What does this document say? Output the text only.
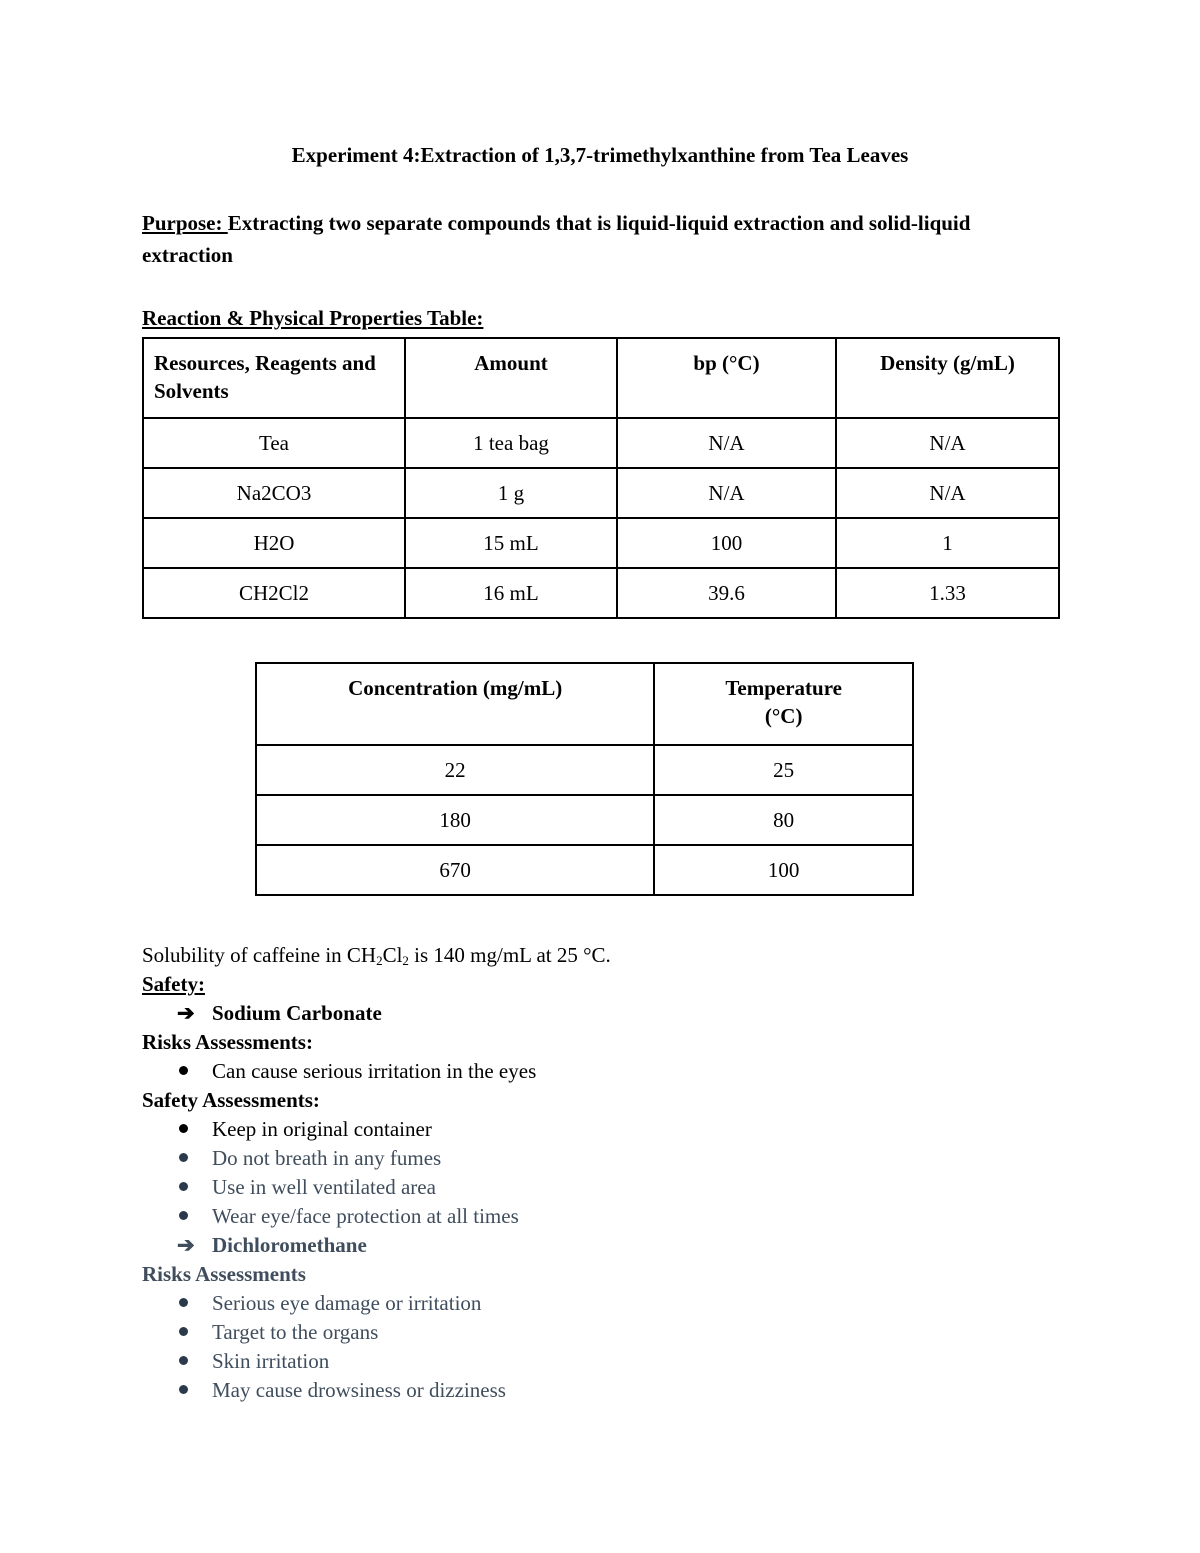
Experiment 4:Extraction of 1,3,7-trimethylxanthine from Tea Leaves
Purpose: Extracting two separate compounds that is liquid-liquid extraction and solid-liquid extraction
Reaction & Physical Properties Table:
Resources, Reagents and Solvents	Amount	bp (°C)	Density (g/mL)
Tea	1 tea bag	N/A	N/A
Na2CO3	1 g	N/A	N/A
H2O	15 mL	100	1
CH2Cl2	16 mL	39.6	1.33
Concentration (mg/mL)	Temperature (°C)
22	25
180	80
670	100
Solubility of caffeine in $CH_2Cl_2$ is 140 mg/mL at 25 °C.
Safety:
➔ Sodium Carbonate
Risks Assessments:
Can cause serious irritation in the eyes
Safety Assessments:
Keep in original container
Do not breath in any fumes
Use in well ventilated area
Wear eye/face protection at all times
➔ Dichloromethane
Risks Assessments
Serious eye damage or irritation
Target to the organs
Skin irritation
May cause drowsiness or dizziness
